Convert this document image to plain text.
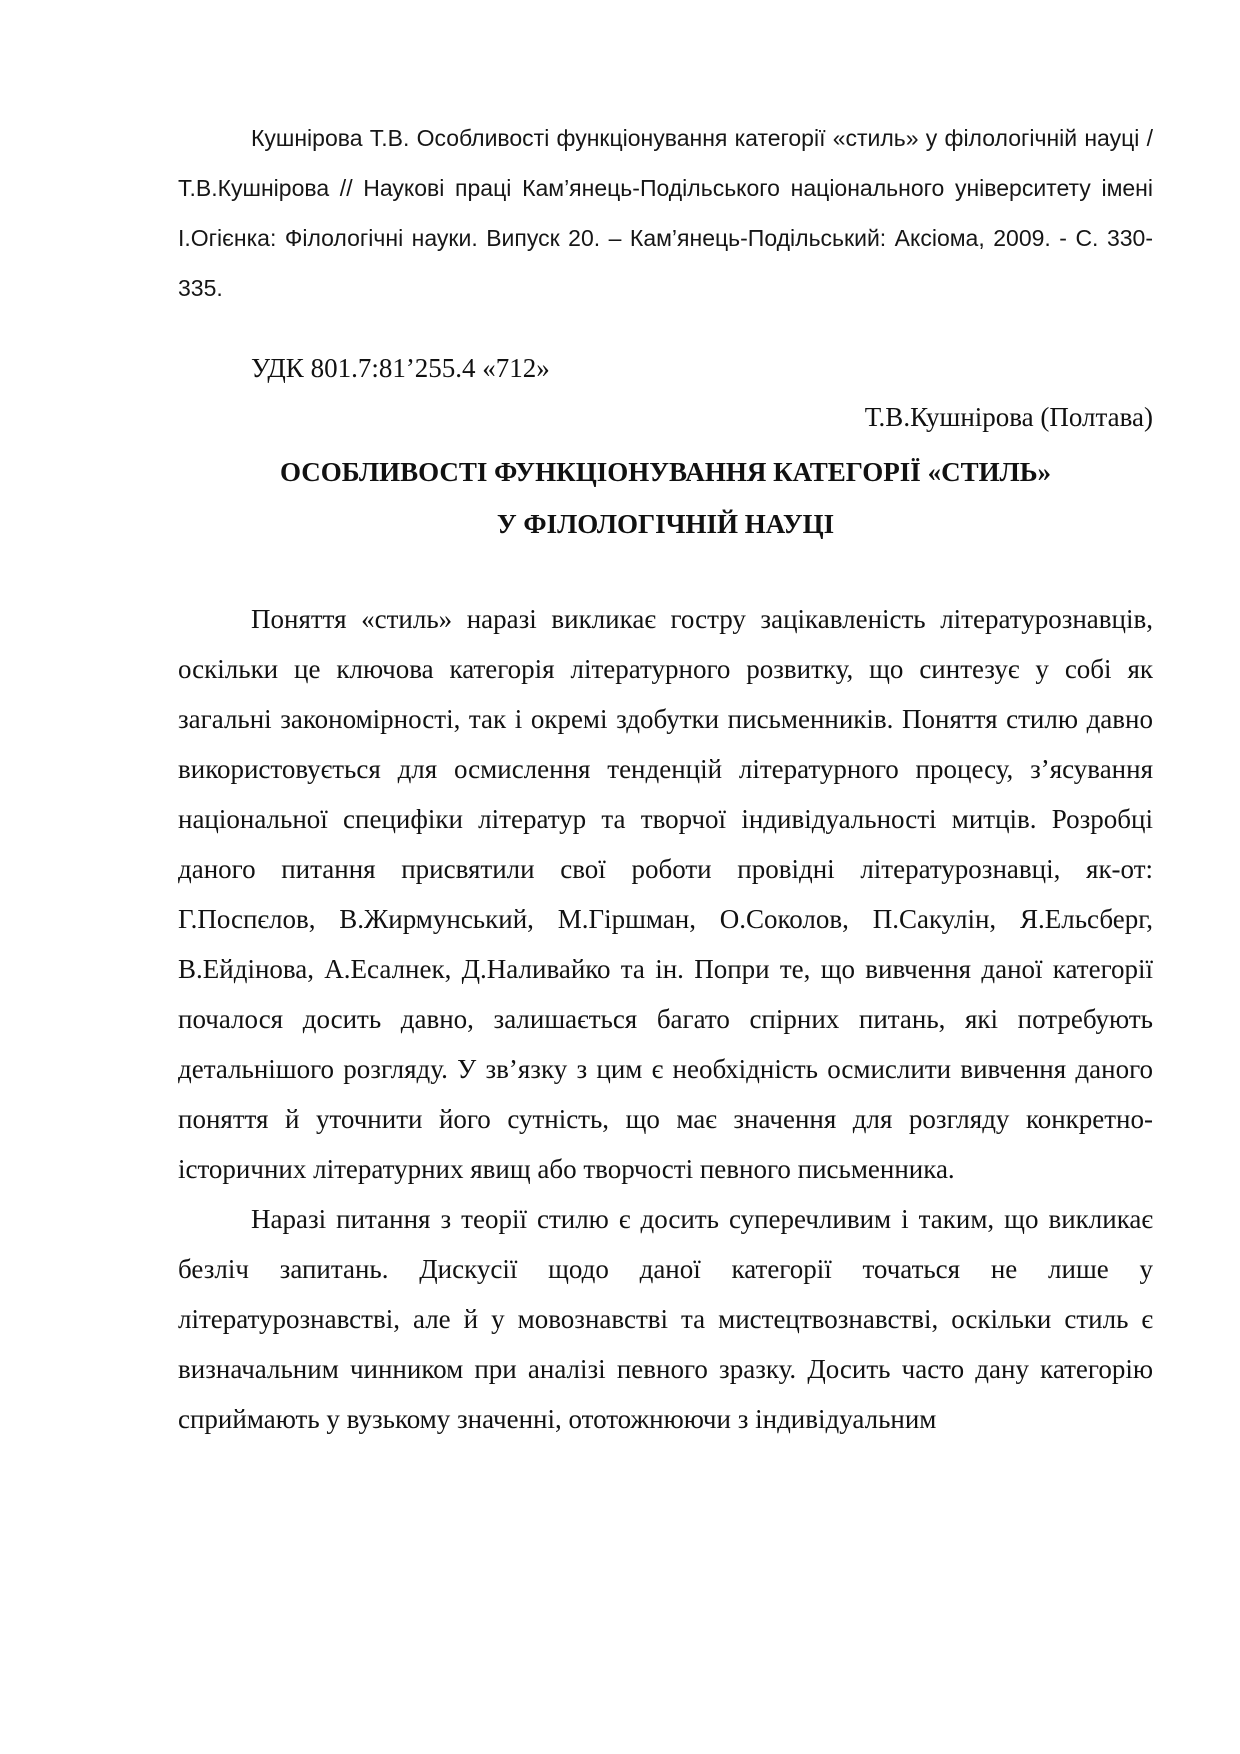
Кушнірова Т.В. Особливості функціонування категорії «стиль» у філологічній науці / Т.В.Кушнірова // Наукові праці Кам’янець-Подільського національного університету імені І.Огієнка: Філологічні науки. Випуск 20. – Кам’янець-Подільський: Аксіома, 2009. - С. 330-335.
УДК 801.7:81’255.4 «712»
Т.В.Кушнірова (Полтава)
ОСОБЛИВОСТІ ФУНКЦІОНУВАННЯ КАТЕГОРІЇ «СТИЛЬ»
У ФІЛОЛОГІЧНІЙ НАУЦІ

Поняття «стиль» наразі викликає гостру зацікавленість літературознавців, оскільки це ключова категорія літературного розвитку, що синтезує у собі як загальні закономірності, так і окремі здобутки письменників. Поняття стилю давно використовується для осмислення тенденцій літературного процесу, з’ясування національної специфіки літератур та творчої індивідуальності митців. Розробці даного питання присвятили свої роботи провідні літературознавці, як-от: Г.Поспєлов, В.Жирмунський, М.Гіршман, О.Соколов, П.Сакулін, Я.Ельсберг, В.Ейдінова, А.Есалнек, Д.Наливайко та ін. Попри те, що вивчення даної категорії почалося досить давно, залишається багато спірних питань, які потребують детальнішого розгляду. У зв’язку з цим є необхідність осмислити вивчення даного поняття й уточнити його сутність, що має значення для розгляду конкретно-історичних літературних явищ або творчості певного письменника.

Наразі питання з теорії стилю є досить суперечливим і таким, що викликає безліч запитань. Дискусії щодо даної категорії точаться не лише у літературознавстві, але й у мовознавстві та мистецтвознавстві, оскільки стиль є визначальним чинником при аналізі певного зразку. Досить часто дану категорію сприймають у вузькому значенні, ототожнюючи з індивідуальним
